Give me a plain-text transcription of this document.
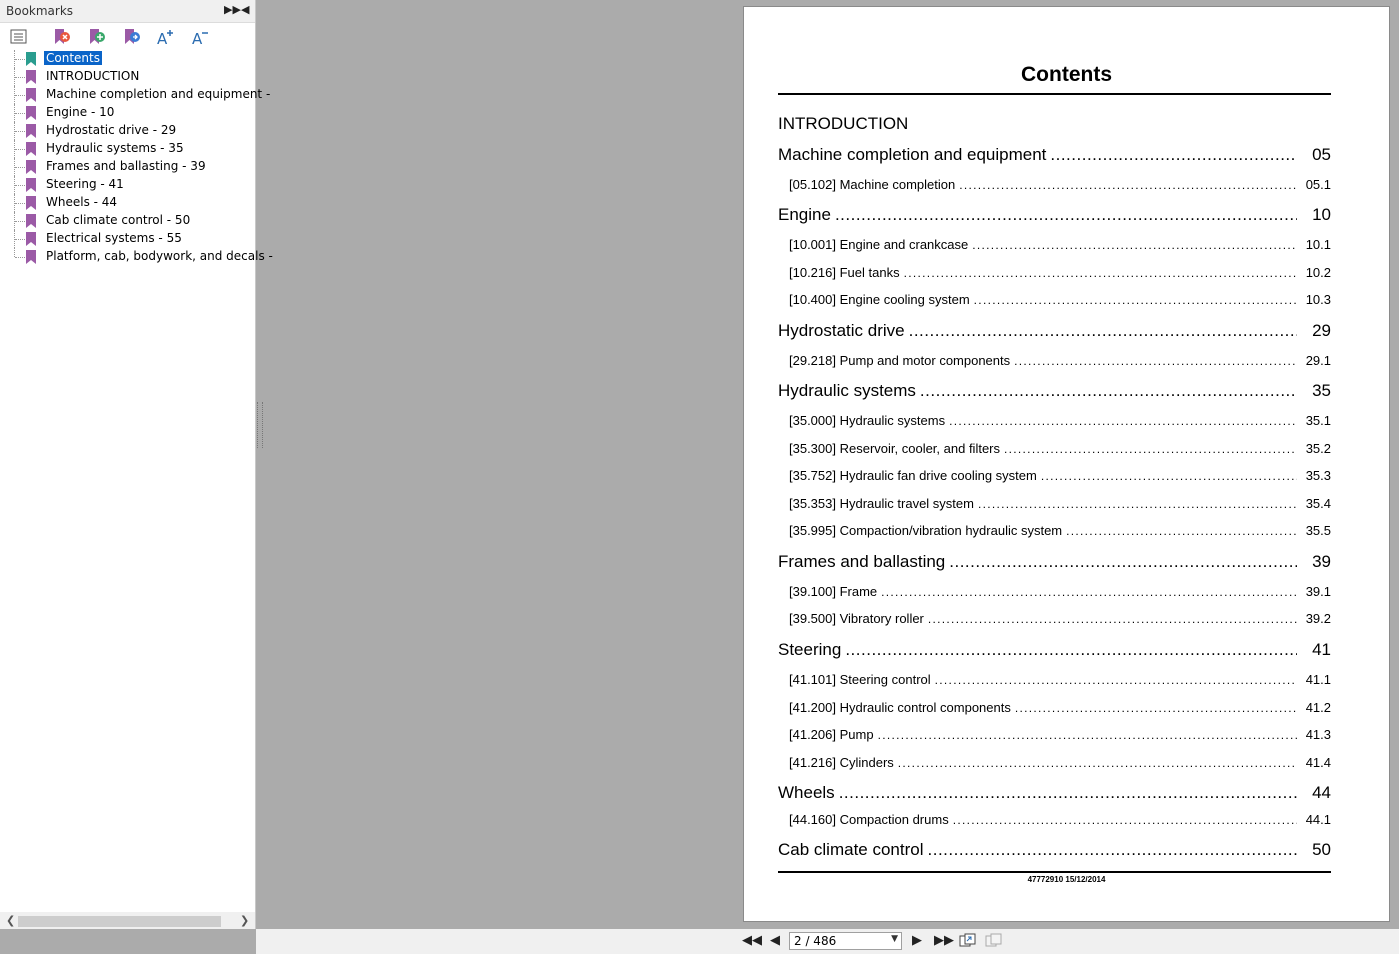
Bookmarks	▶▶ ◀
A A
Contents
INTRODUCTION
Machine completion and equipment -
Engine - 10
Hydrostatic drive - 29
Hydraulic systems - 35
Frames and ballasting - 39
Steering - 41
Wheels - 44
Cab climate control - 50
Electrical systems - 55
Platform, cab, bodywork, and decals -
❮	❯
Contents
INTRODUCTION
Machine completion and equipment .....	05
[05.102] Machine completion .....	05.1
Engine .....	10
[10.001] Engine and crankcase .....	10.1
[10.216] Fuel tanks .....	10.2
[10.400] Engine cooling system .....	10.3
Hydrostatic drive .....	29
[29.218] Pump and motor components .....	29.1
Hydraulic systems .....	35
[35.000] Hydraulic systems .....	35.1
[35.300] Reservoir, cooler, and filters .....	35.2
[35.752] Hydraulic fan drive cooling system .....	35.3
[35.353] Hydraulic travel system .....	35.4
[35.995] Compaction/vibration hydraulic system .....	35.5
Frames and ballasting .....	39
[39.100] Frame .....	39.1
[39.500] Vibratory roller .....	39.2
Steering .....	41
[41.101] Steering control .....	41.1
[41.200] Hydraulic control components .....	41.2
[41.206] Pump .....	41.3
[41.216] Cylinders .....	41.4
Wheels .....	44
[44.160] Compaction drums .....	44.1
Cab climate control .....	50
47772910 15/12/2014
◀◀ ◀	2 / 486	▼ ▶ ▶▶
